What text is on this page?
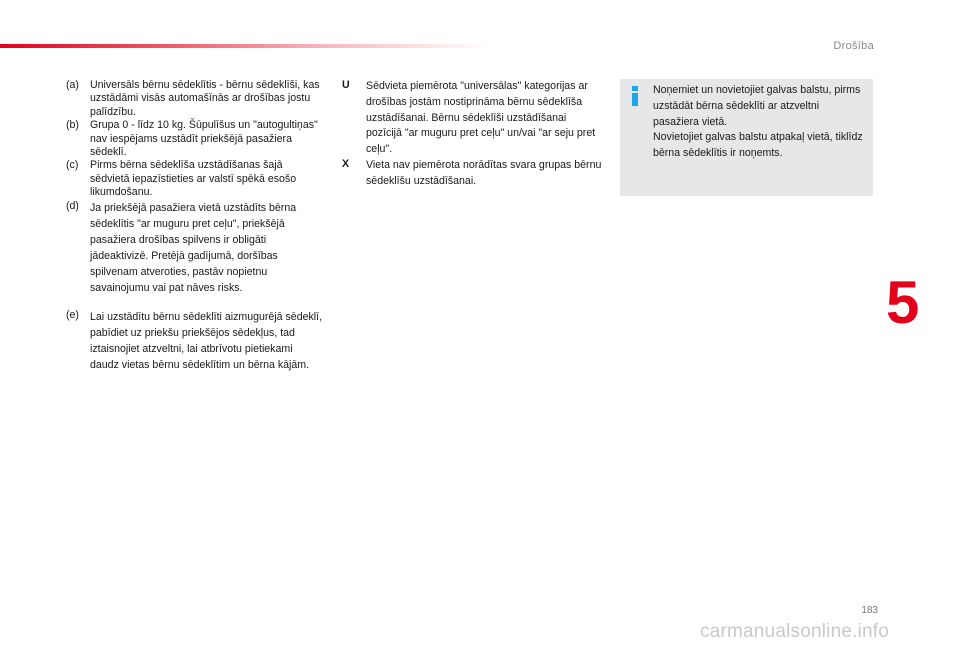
Drošība
(a)	Universāls bērnu sēdeklītis - bērnu sēdeklīši, kas uzstādāmi visās automašīnās ar drošības jostu palīdzību.
(b)	Grupa 0 - līdz 10 kg. Šūpulīšus un "autogultiņas" nav iespējams uzstādīt priekšējā pasažiera sēdeklī.
(c)	Pirms bērna sēdeklīša uzstādīšanas šajā sēdvietā iepazīstieties ar valstī spēkā esošo likumdošanu.
(d)	Ja priekšējā pasažiera vietā uzstādīts bērna sēdeklītis "ar muguru pret ceļu", priekšējā pasažiera drošības spilvens ir obligāti jādeaktivizē. Pretējā gadījumā, doršības spilvenam atveroties, pastāv nopietnu savainojumu vai pat nāves risks.
(e)	Lai uzstādītu bērnu sēdeklīti aizmugurējā sēdeklī, pabīdiet uz priekšu priekšējos sēdekļus, tad iztaisnojiet atzveltni, lai atbrīvotu pietiekami daudz vietas bērnu sēdeklītim un bērna kājām.
U	Sēdvieta piemērota "universālas" kategorijas ar drošības jostām nostiprināma bērnu sēdeklīša uzstādīšanai. Bērnu sēdeklīši uzstādīšanai pozīcijā "ar muguru pret ceļu" un/vai "ar seju pret ceļu".
X	Vieta nav piemērota norādītas svara grupas bērnu sēdeklīšu uzstādīšanai.
Noņemiet un novietojiet galvas balstu, pirms uzstādāt bērna sēdeklīti ar atzveltni pasažiera vietā.
Novietojiet galvas balstu atpakaļ vietā, tiklīdz bērna sēdeklītis ir noņemts.
5
183
carmanualsonline.info
